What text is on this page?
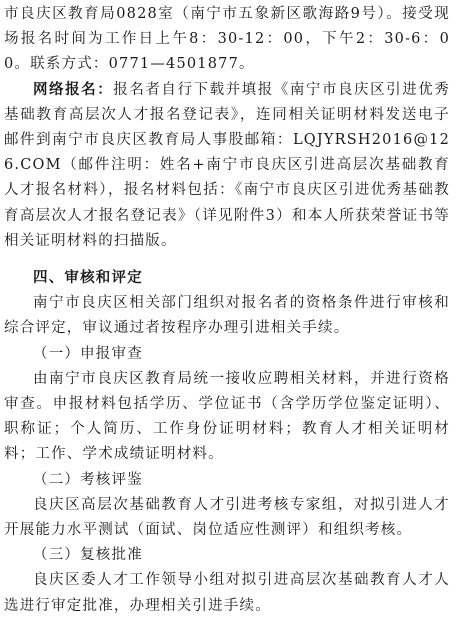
市良庆区教育局0828室（南宁市五象新区歌海路9号）。接受现场报名时间为工作日上午8：30-12：00，下午2：30-6：00。联系方式：0771—4501877。

网络报名：报名者自行下载并填报《南宁市良庆区引进优秀基础教育高层次人才报名登记表》，连同相关证明材料发送电子邮件到南宁市良庆区教育局人事股邮箱：LQJYRSH2016@126.COM（邮件注明：姓名+南宁市良庆区引进高层次基础教育人才报名材料），报名材料包括：《南宁市良庆区引进优秀基础教育高层次人才报名登记表》（详见附件3）和本人所获荣誉证书等相关证明材料的扫描版。

四、审核和评定

南宁市良庆区相关部门组织对报名者的资格条件进行审核和综合评定，审议通过者按程序办理引进相关手续。

（一）申报审查

由南宁市良庆区教育局统一接收应聘相关材料，并进行资格审查。申报材料包括学历、学位证书（含学历学位鉴定证明）、职称证；个人简历、工作身份证明材料；教育人才相关证明材料；工作、学术成绩证明材料。

（二）考核评鉴

良庆区高层次基础教育人才引进考核专家组，对拟引进人才开展能力水平测试（面试、岗位适应性测评）和组织考核。

（三）复核批准

良庆区委人才工作领导小组对拟引进高层次基础教育人才人选进行审定批准，办理相关引进手续。
